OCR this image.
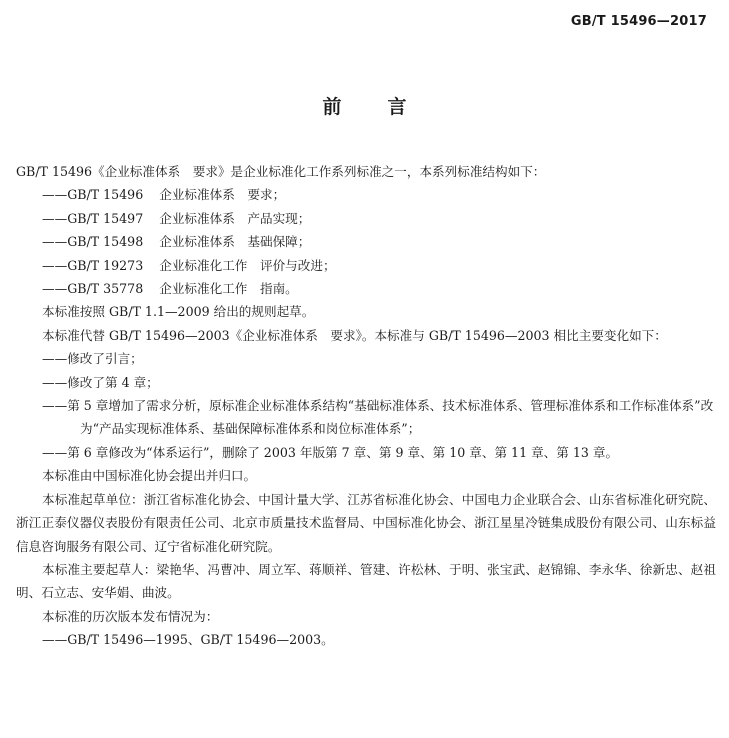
GB/T 15496—2017
前言

GB/T 15496《企业标准体系　要求》是企业标准化工作系列标准之一，本系列标准结构如下：

——GB/T 15496 企业标准体系　要求；

——GB/T 15497 企业标准体系　产品实现；

——GB/T 15498 企业标准体系　基础保障；

——GB/T 19273 企业标准化工作　评价与改进；

——GB/T 35778 企业标准化工作　指南。

本标准按照 GB/T 1.1—2009 给出的规则起草。

本标准代替 GB/T 15496—2003《企业标准体系　要求》。本标准与 GB/T 15496—2003 相比主要变化如下：

——修改了引言；

——修改了第 4 章；

——第 5 章增加了需求分析，原标准企业标准体系结构“基础标准体系、技术标准体系、管理标准体系和工作标准体系”改为“产品实现标准体系、基础保障标准体系和岗位标准体系”；

——第 6 章修改为“体系运行”，删除了 2003 年版第 7 章、第 9 章、第 10 章、第 11 章、第 13 章。

本标准由中国标准化协会提出并归口。

本标准起草单位：浙江省标准化协会、中国计量大学、江苏省标准化协会、中国电力企业联合会、山东省标准化研究院、浙江正泰仪器仪表股份有限责任公司、北京市质量技术监督局、中国标准化协会、浙江星星冷链集成股份有限公司、山东标益信息咨询服务有限公司、辽宁省标准化研究院。

本标准主要起草人：梁艳华、冯曹冲、周立军、蒋顺祥、管建、许松林、于明、张宝武、赵锦锦、李永华、徐新忠、赵祖明、石立志、安华娟、曲波。

本标准的历次版本发布情况为：

——GB/T 15496—1995、GB/T 15496—2003。
